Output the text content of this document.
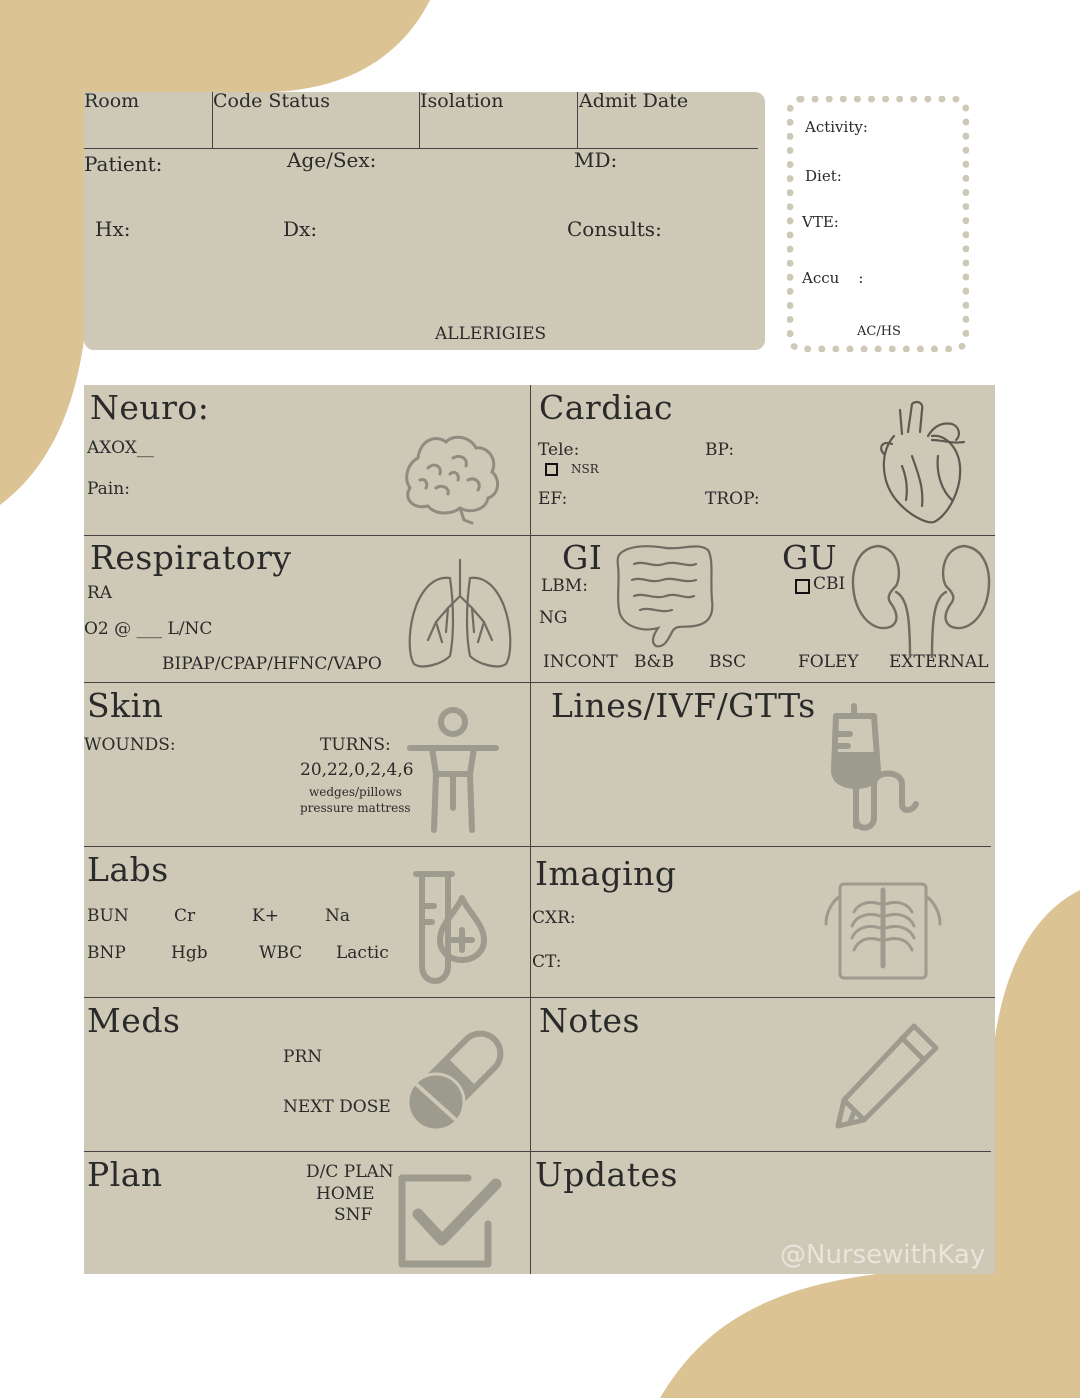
Room	Code Status	Isolation	Admit Date
Patient:	Age/Sex:	MD:
Hx:	Dx:	Consults:
ALLERIGIES
Activity:
Diet:
VTE:
Accu    :
AC/HS
Neuro:
AXOX__
Pain:
Cardiac
Tele:
NSR
BP:
EF:	TROP:
Respiratory
RA
O2 @ ___ L/NC
BIPAP/CPAP/HFNC/VAPO
GI
LBM:
NG
INCONT B&B BSC
GU
CBI
FOLEY EXTERNAL
Skin
WOUNDS:	TURNS:
20,22,0,2,4,6
wedges/pillows
pressure mattress
Lines/IVF/GTTs
Labs
BUN	Cr	K+	Na
BNP	Hgb	WBC Lactic
Imaging
CXR:
CT:
Meds
PRN
NEXT DOSE
Notes
Plan	D/C PLAN
HOME
SNF
Updates
@NursewithKay
